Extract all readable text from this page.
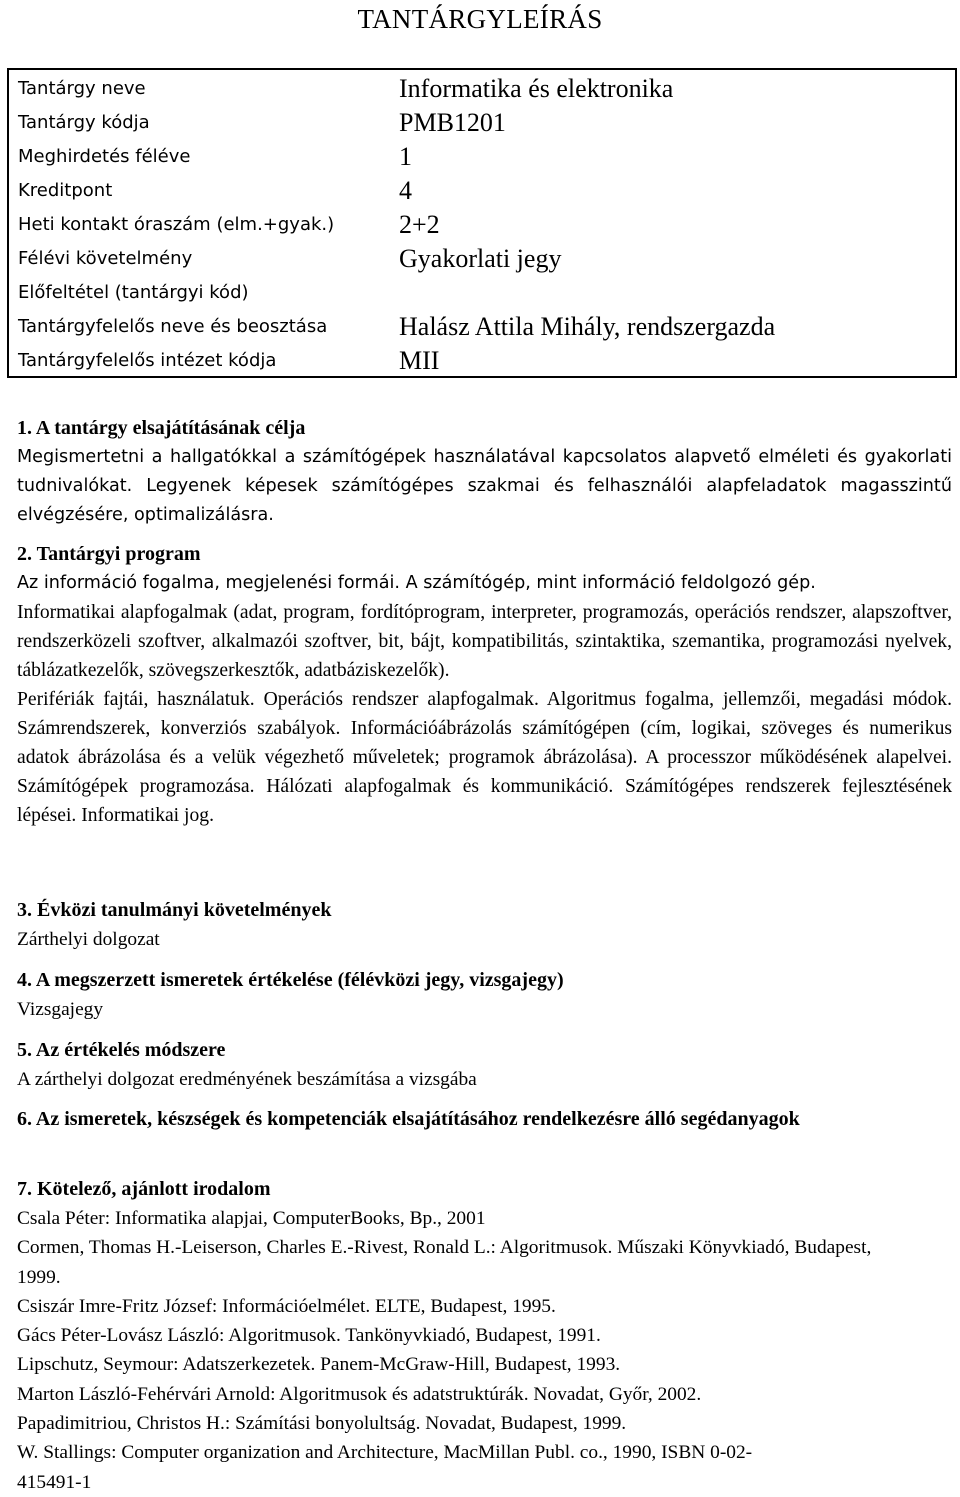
TANTÁRGYLEÍRÁS
Tantárgy neve	Informatika és elektronika
Tantárgy kódja	PMB1201
Meghirdetés féléve	1
Kreditpont	4
Heti kontakt óraszám (elm.+gyak.) 2+2
Félévi követelmény	Gyakorlati jegy
Előfeltétel (tantárgyi kód)
Tantárgyfelelős neve és beosztása	Halász Attila Mihály, rendszergazda
Tantárgyfelelős intézet kódja	MII
1. A tantárgy elsajátításának célja
Megismertetni a hallgatókkal a számítógépek használatával kapcsolatos alapvető elméleti és gyakorlati tudnivalókat. Legyenek képesek számítógépes szakmai és felhasználói alapfeladatok magasszintű elvégzésére, optimalizálásra.
2. Tantárgyi program
Az információ fogalma, megjelenési formái. A számítógép, mint információ feldolgozó gép.
Informatikai alapfogalmak (adat, program, fordítóprogram, interpreter, programozás, operációs rendszer, alapszoftver, rendszerközeli szoftver, alkalmazói szoftver, bit, bájt, kompatibilitás, szintaktika, szemantika, programozási nyelvek, táblázatkezelők, szövegszerkesztők, adatbáziskezelők).
Perifériák fajtái, használatuk. Operációs rendszer alapfogalmak. Algoritmus fogalma, jellemzői, megadási módok. Számrendszerek, konverziós szabályok. Információábrázolás számítógépen (cím, logikai, szöveges és numerikus adatok ábrázolása és a velük végezhető műveletek; programok ábrázolása). A processzor működésének alapelvei. Számítógépek programozása. Hálózati alapfogalmak és kommunikáció. Számítógépes rendszerek fejlesztésének lépései. Informatikai jog.
3. Évközi tanulmányi követelmények
Zárthelyi dolgozat
4. A megszerzett ismeretek értékelése (félévközi jegy, vizsgajegy)
Vizsgajegy
5. Az értékelés módszere
A zárthelyi dolgozat eredményének beszámítása a vizsgába
6. Az ismeretek, készségek és kompetenciák elsajátításához rendelkezésre álló segédanyagok
7. Kötelező, ajánlott irodalom
Csala Péter: Informatika alapjai, ComputerBooks, Bp., 2001
Cormen, Thomas H.-Leiserson, Charles E.-Rivest, Ronald L.: Algoritmusok. Műszaki Könyvkiadó, Budapest, 1999.
Csiszár Imre-Fritz József: Információelmélet. ELTE, Budapest, 1995.
Gács Péter-Lovász László: Algoritmusok. Tankönyvkiadó, Budapest, 1991.
Lipschutz, Seymour: Adatszerkezetek. Panem-McGraw-Hill, Budapest, 1993.
Marton László-Fehérvári Arnold: Algoritmusok és adatstruktúrák. Novadat, Győr, 2002.
Papadimitriou, Christos H.: Számítási bonyolultság. Novadat, Budapest, 1999.
W. Stallings: Computer organization and Architecture, MacMillan Publ. co., 1990, ISBN 0-02-415491-1
